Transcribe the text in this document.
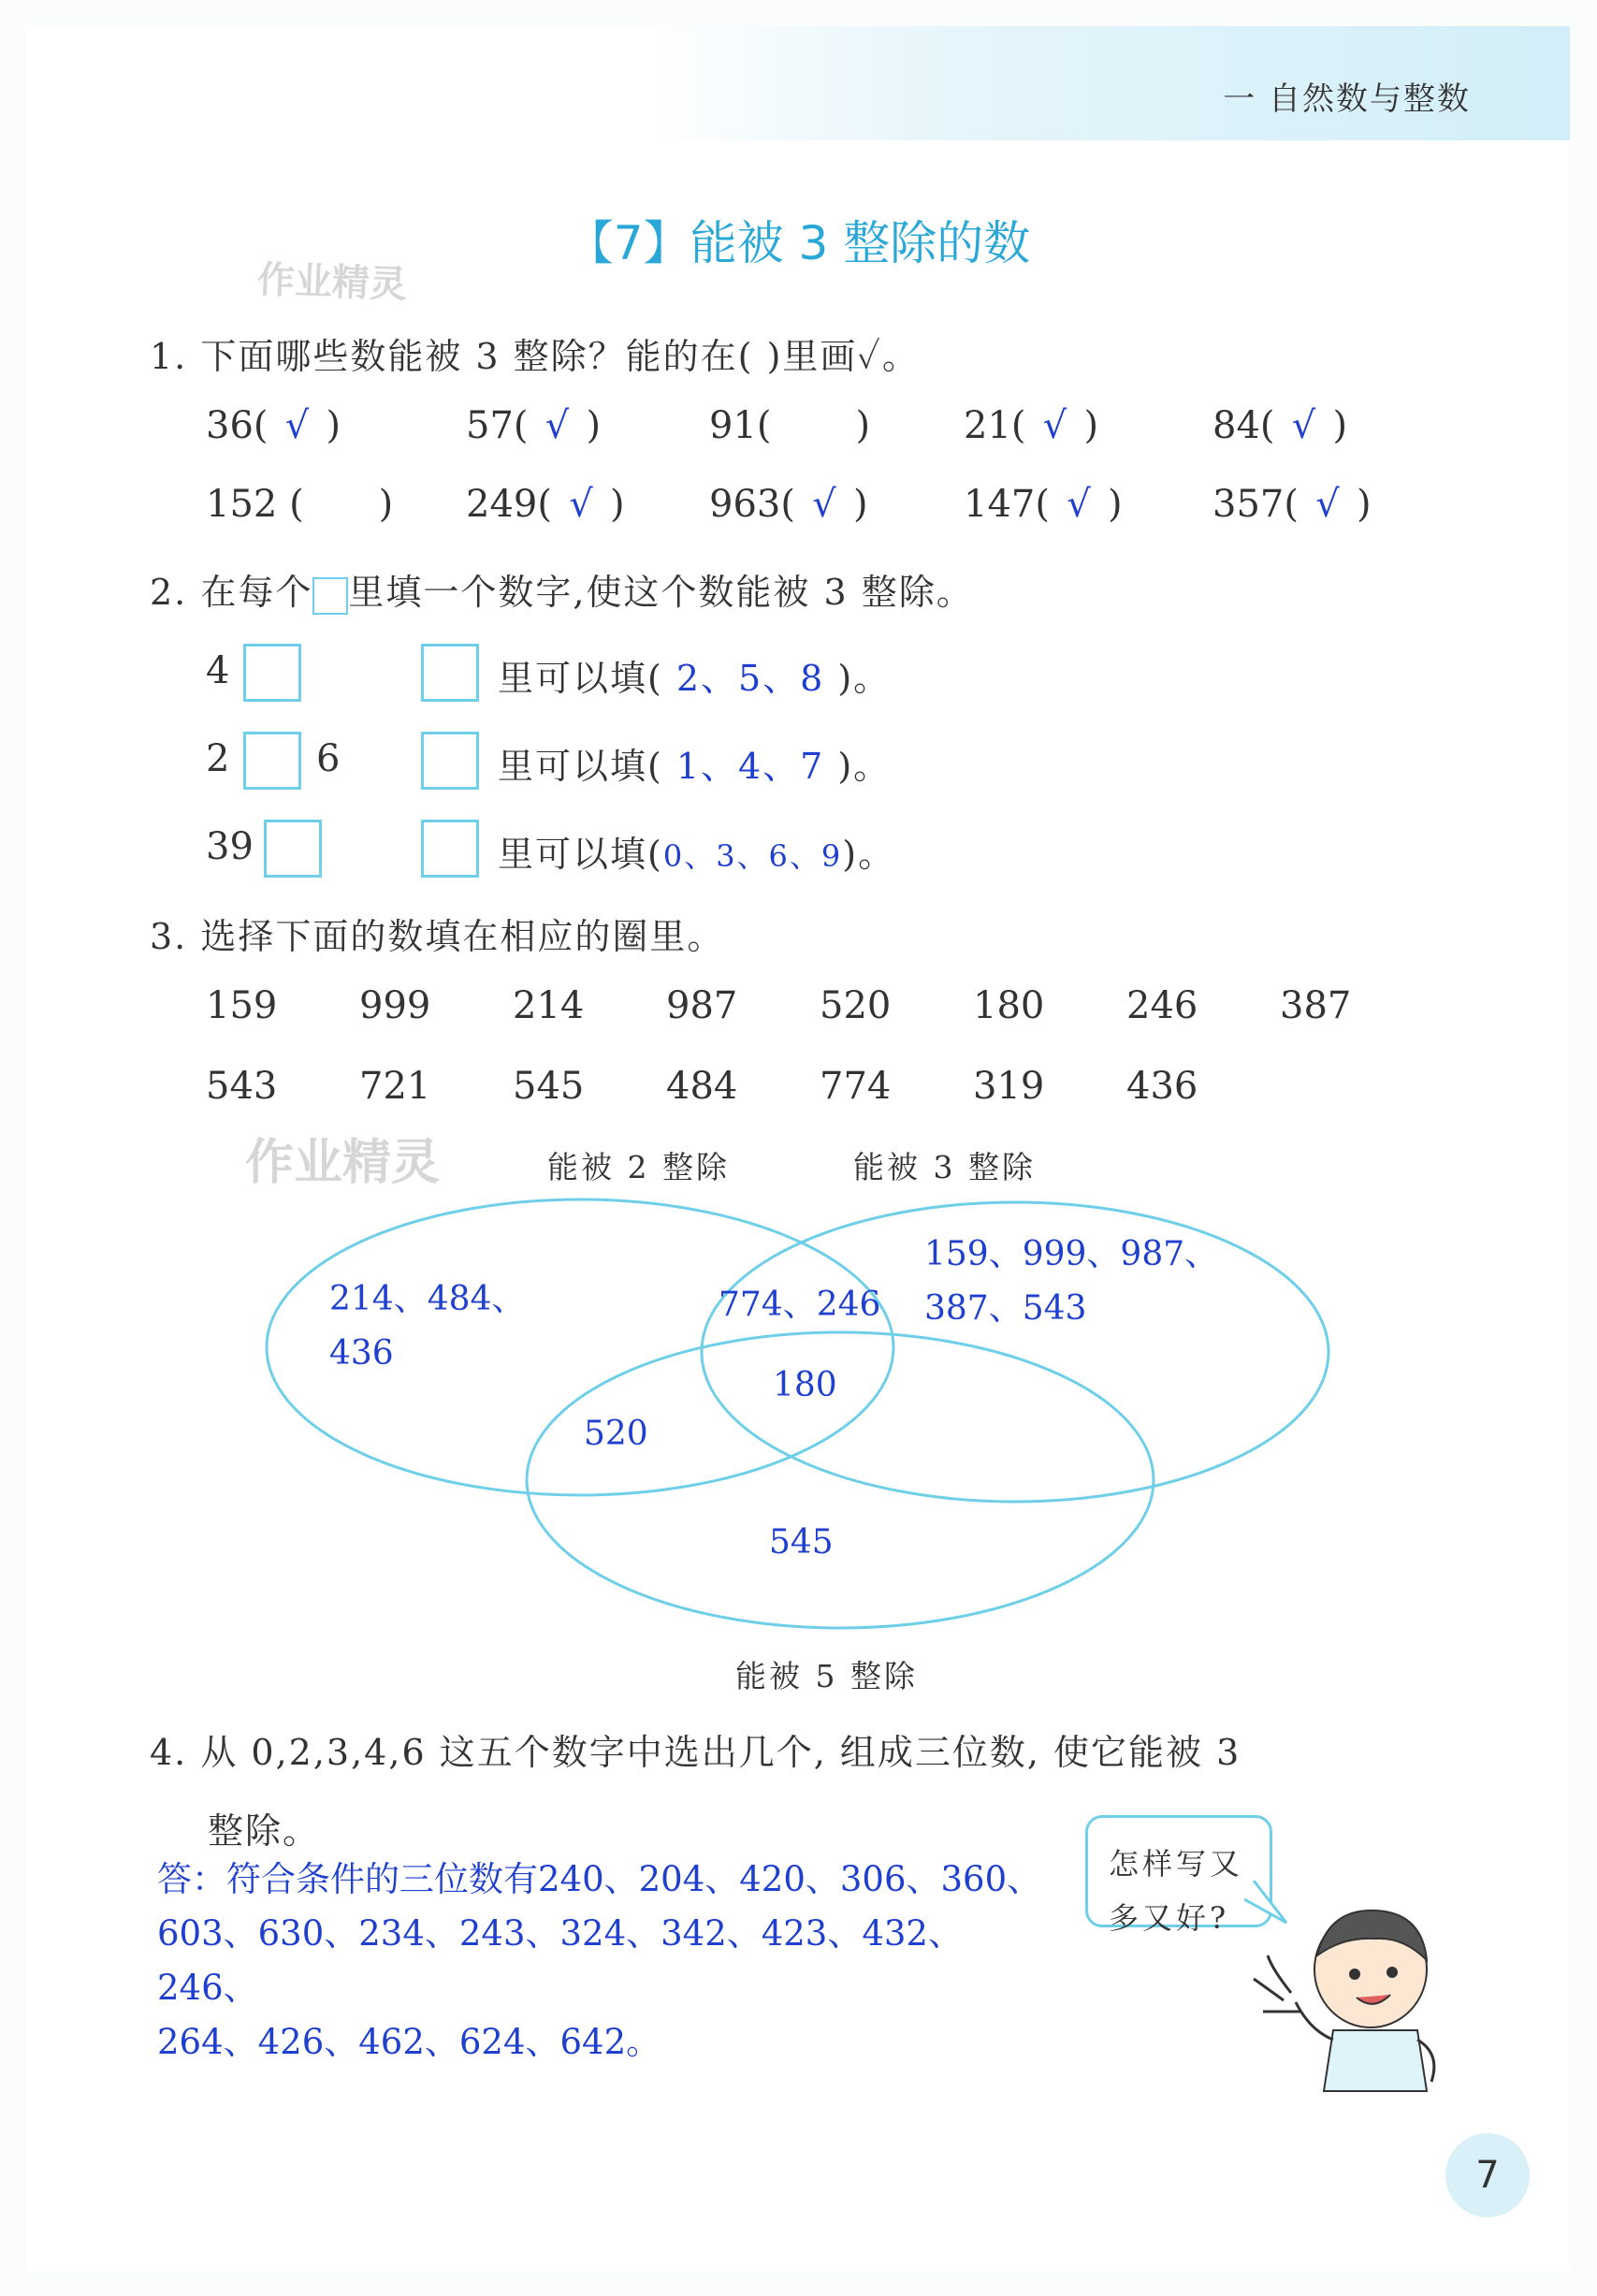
一 自然数与整数
【7】能被 3 整除的数
作业精灵
1. 下面哪些数能被 3 整除？能的在( )里画✓。
36( √ )	57( √ )	91( ) 21( √ )	84( √ )
152 ( ) 249( √ ) 963( √ )	147( √ ) 357( √ )
2. 在每个 里填一个数字,使这个数能被 3 整除。
4	里可以填( 2、5、8 )。
2 6	里可以填( 1、4、7 )。
39	里可以填(0、3、6、9)。
3. 选择下面的数填在相应的圈里。
159 999 214 987 520 180 246 387
543 721 545 484 774 319 436
作业精灵	能被 2 整除	能被 3 整除
214、484、
436
159、999、987、
387、543
774、246
180
520
545
能被 5 整除
4. 从 0,2,3,4,6 这五个数字中选出几个, 组成三位数, 使它能被 3
整除。
答：符合条件的三位数有240、204、420、306、360、
603、630、234、243、324、342、423、432、246、
264、426、462、624、642。
怎样写又
多又好?
7
